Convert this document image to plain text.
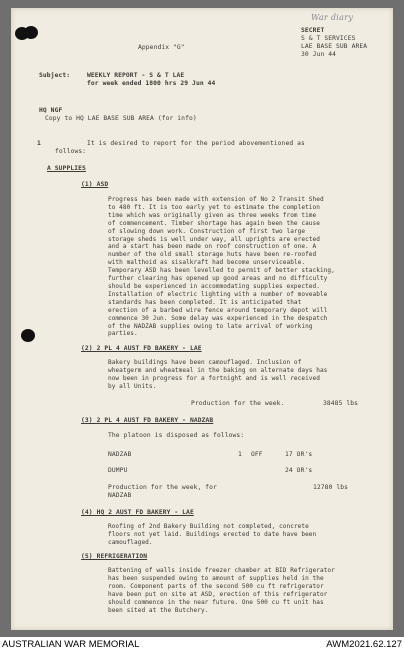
War diary
SECRET
S & T SERVICES
LAE BASE SUB AREA
30 Jun 44
Appendix "G"
Subject:	WEEKLY REPORT - S & T LAE
for week ended 1800 hrs 29 Jun 44
HQ NGF
Copy to HQ LAE BASE SUB AREA (for info)
1	It is desired to report for the period abovementioned as
follows:
A SUPPLIES
(1) ASD

Progress has been made with extension of No 2 Transit Shed

to 480 ft. It is too early yet to estimate the completion

time which was originally given as three weeks from time

of commencement. Timber shortage has again been the cause

of slowing down work. Construction of first two large

storage sheds is well under way, all uprights are erected

and a start has been made on roof construction of one. A

number of the old small storage huts have been re-roofed

with malthoid as sisalkraft had become unserviceable.

Temporary ASD has been levelled to permit of better stacking,

further clearing has opened up good areas and no difficulty

should be experienced in accommodating supplies expected.

Installation of electric lighting with a number of moveable

standards has been completed. It is anticipated that

erection of a barbed wire fence around temporary depot will

commence 30 Jun. Some delay was experienced in the despatch

of the NADZAB supplies owing to late arrival of working

parties.

(2) 2 PL 4 AUST FD BAKERY - LAE

Bakery buildings have been camouflaged. Inclusion of

wheatgerm and wheatmeal in the baking on alternate days has

now been in progress for a fortnight and is well received

by all Units.

Production for the week.	38485 lbs
(3) 2 PL 4 AUST FD BAKERY - NADZAB
The platoon is disposed as follows:
NADZAB	1 OFF	17 OR's
DUMPU	24 OR's
Production for the week, for	12780 lbs
NADZAB
(4) HQ 2 AUST FD BAKERY - LAE

Roofing of 2nd Bakery Building not completed, concrete

floors not yet laid. Buildings erected to date have been

camouflaged.

(5) REFRIGERATION

Battening of walls inside freezer chamber at BID Refrigerator

has been suspended owing to amount of supplies held in the

room. Component parts of the second 500 cu ft refrigerator

have been put on site at ASD, erection of this refrigerator

should commence in the near future. One 500 cu ft unit has

been sited at the Butchery.

AUSTRALIAN WAR MEMORIAL	AWM2021.62.127
